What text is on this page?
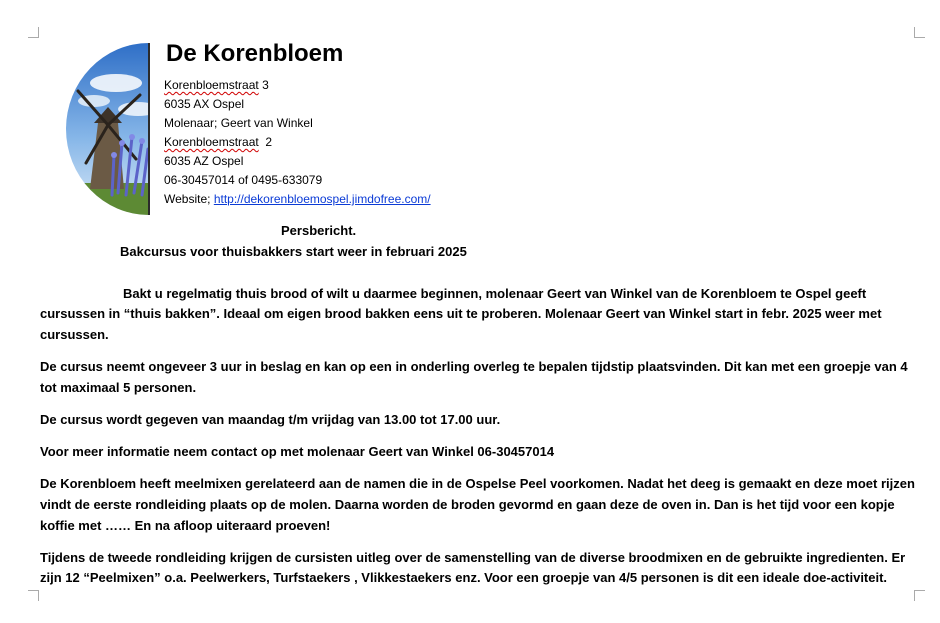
De Korenbloem
Korenbloemstraat 3
6035 AX Ospel
Molenaar; Geert van Winkel
Korenbloemstraat 2
6035 AZ Ospel
06-30457014 of 0495-633079
Website; http://dekorenbloemospel.jimdofree.com/
Persbericht.
Bakcursus voor thuisbakkers start weer in februari 2025
Bakt u regelmatig thuis brood of wilt u daarmee beginnen, molenaar Geert van Winkel van de Korenbloem te Ospel geeft
cursussen in “thuis bakken”. Ideaal om eigen brood bakken eens uit te proberen. Molenaar Geert van Winkel start in febr. 2025 weer met
cursussen.
De cursus neemt ongeveer 3 uur in beslag en kan op een in onderling overleg te bepalen tijdstip plaatsvinden. Dit kan met een groepje van 4
tot maximaal 5 personen.
De cursus wordt gegeven van maandag t/m vrijdag van 13.00 tot 17.00 uur.
Voor meer informatie neem contact op met molenaar Geert van Winkel 06-30457014
De Korenbloem heeft meelmixen gerelateerd aan de namen die in de Ospelse Peel voorkomen. Nadat het deeg is gemaakt en deze moet rijzen
vindt de eerste rondleiding plaats op de molen. Daarna worden de broden gevormd en gaan deze de oven in. Dan is het tijd voor een kopje
koffie met …… En na afloop uiteraard proeven!
Tijdens de tweede rondleiding krijgen de cursisten uitleg over de samenstelling van de diverse broodmixen en de gebruikte ingredienten. Er
zijn 12 “Peelmixen” o.a. Peelwerkers, Turfstaekers , Vlikkestaekers enz. Voor een groepje van 4/5 personen is dit een ideale doe-activiteit.
